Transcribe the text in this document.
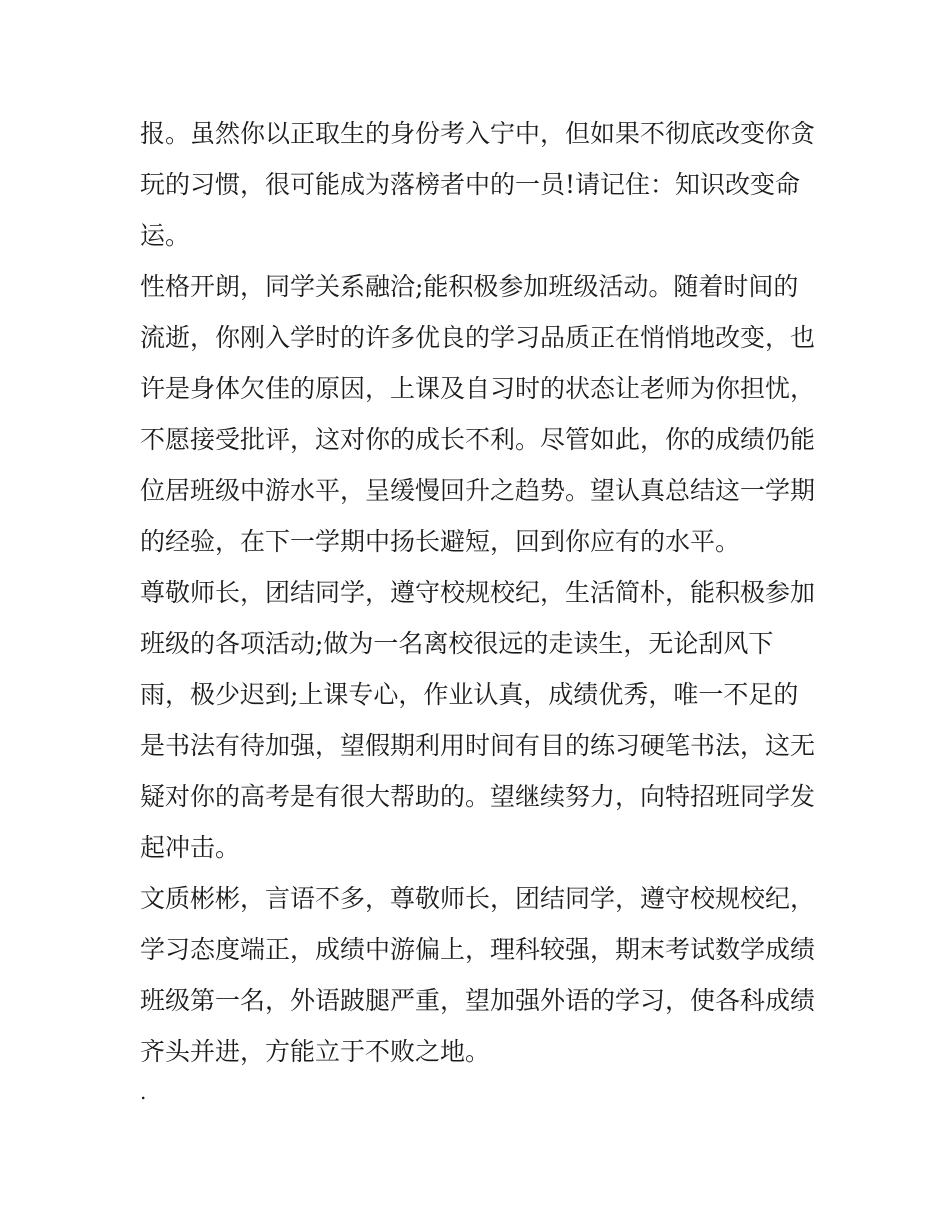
报。虽然你以正取生的身份考入宁中，但如果不彻底改变你贪
玩的习惯，很可能成为落榜者中的一员!请记住：知识改变命
运。

性格开朗，同学关系融洽;能积极参加班级活动。随着时间的
流逝，你刚入学时的许多优良的学习品质正在悄悄地改变，也
许是身体欠佳的原因，上课及自习时的状态让老师为你担忧，
不愿接受批评，这对你的成长不利。尽管如此，你的成绩仍能
位居班级中游水平，呈缓慢回升之趋势。望认真总结这一学期
的经验，在下一学期中扬长避短，回到你应有的水平。

尊敬师长，团结同学，遵守校规校纪，生活简朴，能积极参加
班级的各项活动;做为一名离校很远的走读生，无论刮风下
雨，极少迟到;上课专心，作业认真，成绩优秀，唯一不足的
是书法有待加强，望假期利用时间有目的练习硬笔书法，这无
疑对你的高考是有很大帮助的。望继续努力，向特招班同学发
起冲击。

文质彬彬，言语不多，尊敬师长，团结同学，遵守校规校纪，
学习态度端正，成绩中游偏上，理科较强，期末考试数学成绩
班级第一名，外语跛腿严重，望加强外语的学习，使各科成绩
齐头并进，方能立于不败之地。

.
